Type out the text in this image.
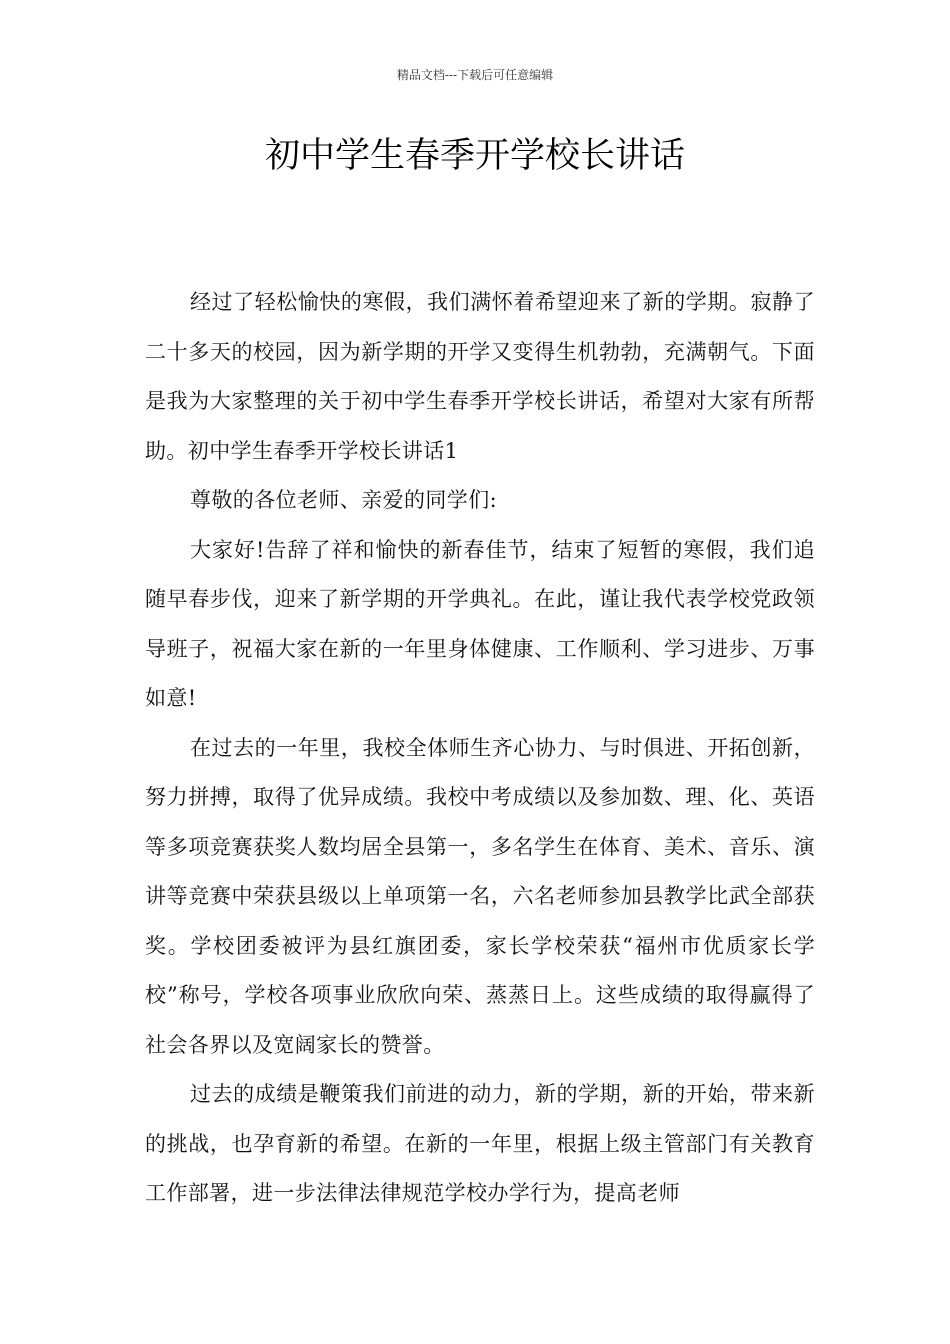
精品文档---下载后可任意编辑
初中学生春季开学校长讲话

经过了轻松愉快的寒假，我们满怀着希望迎来了新的学期。寂静了二十多天的校园，因为新学期的开学又变得生机勃勃，充满朝气。下面是我为大家整理的关于初中学生春季开学校长讲话，希望对大家有所帮助。初中学生春季开学校长讲话1

尊敬的各位老师、亲爱的同学们:

大家好!告辞了祥和愉快的新春佳节，结束了短暂的寒假，我们追随早春步伐，迎来了新学期的开学典礼。在此，谨让我代表学校党政领导班子，祝福大家在新的一年里身体健康、工作顺利、学习进步、万事如意!

在过去的一年里，我校全体师生齐心协力、与时俱进、开拓创新，努力拼搏，取得了优异成绩。我校中考成绩以及参加数、理、化、英语等多项竞赛获奖人数均居全县第一，多名学生在体育、美术、音乐、演讲等竞赛中荣获县级以上单项第一名，六名老师参加县教学比武全部获奖。学校团委被评为县红旗团委，家长学校荣获“福州市优质家长学校”称号，学校各项事业欣欣向荣、蒸蒸日上。这些成绩的取得赢得了社会各界以及宽阔家长的赞誉。

过去的成绩是鞭策我们前进的动力，新的学期，新的开始，带来新的挑战，也孕育新的希望。在新的一年里，根据上级主管部门有关教育工作部署，进一步法律法律规范学校办学行为，提高老师
